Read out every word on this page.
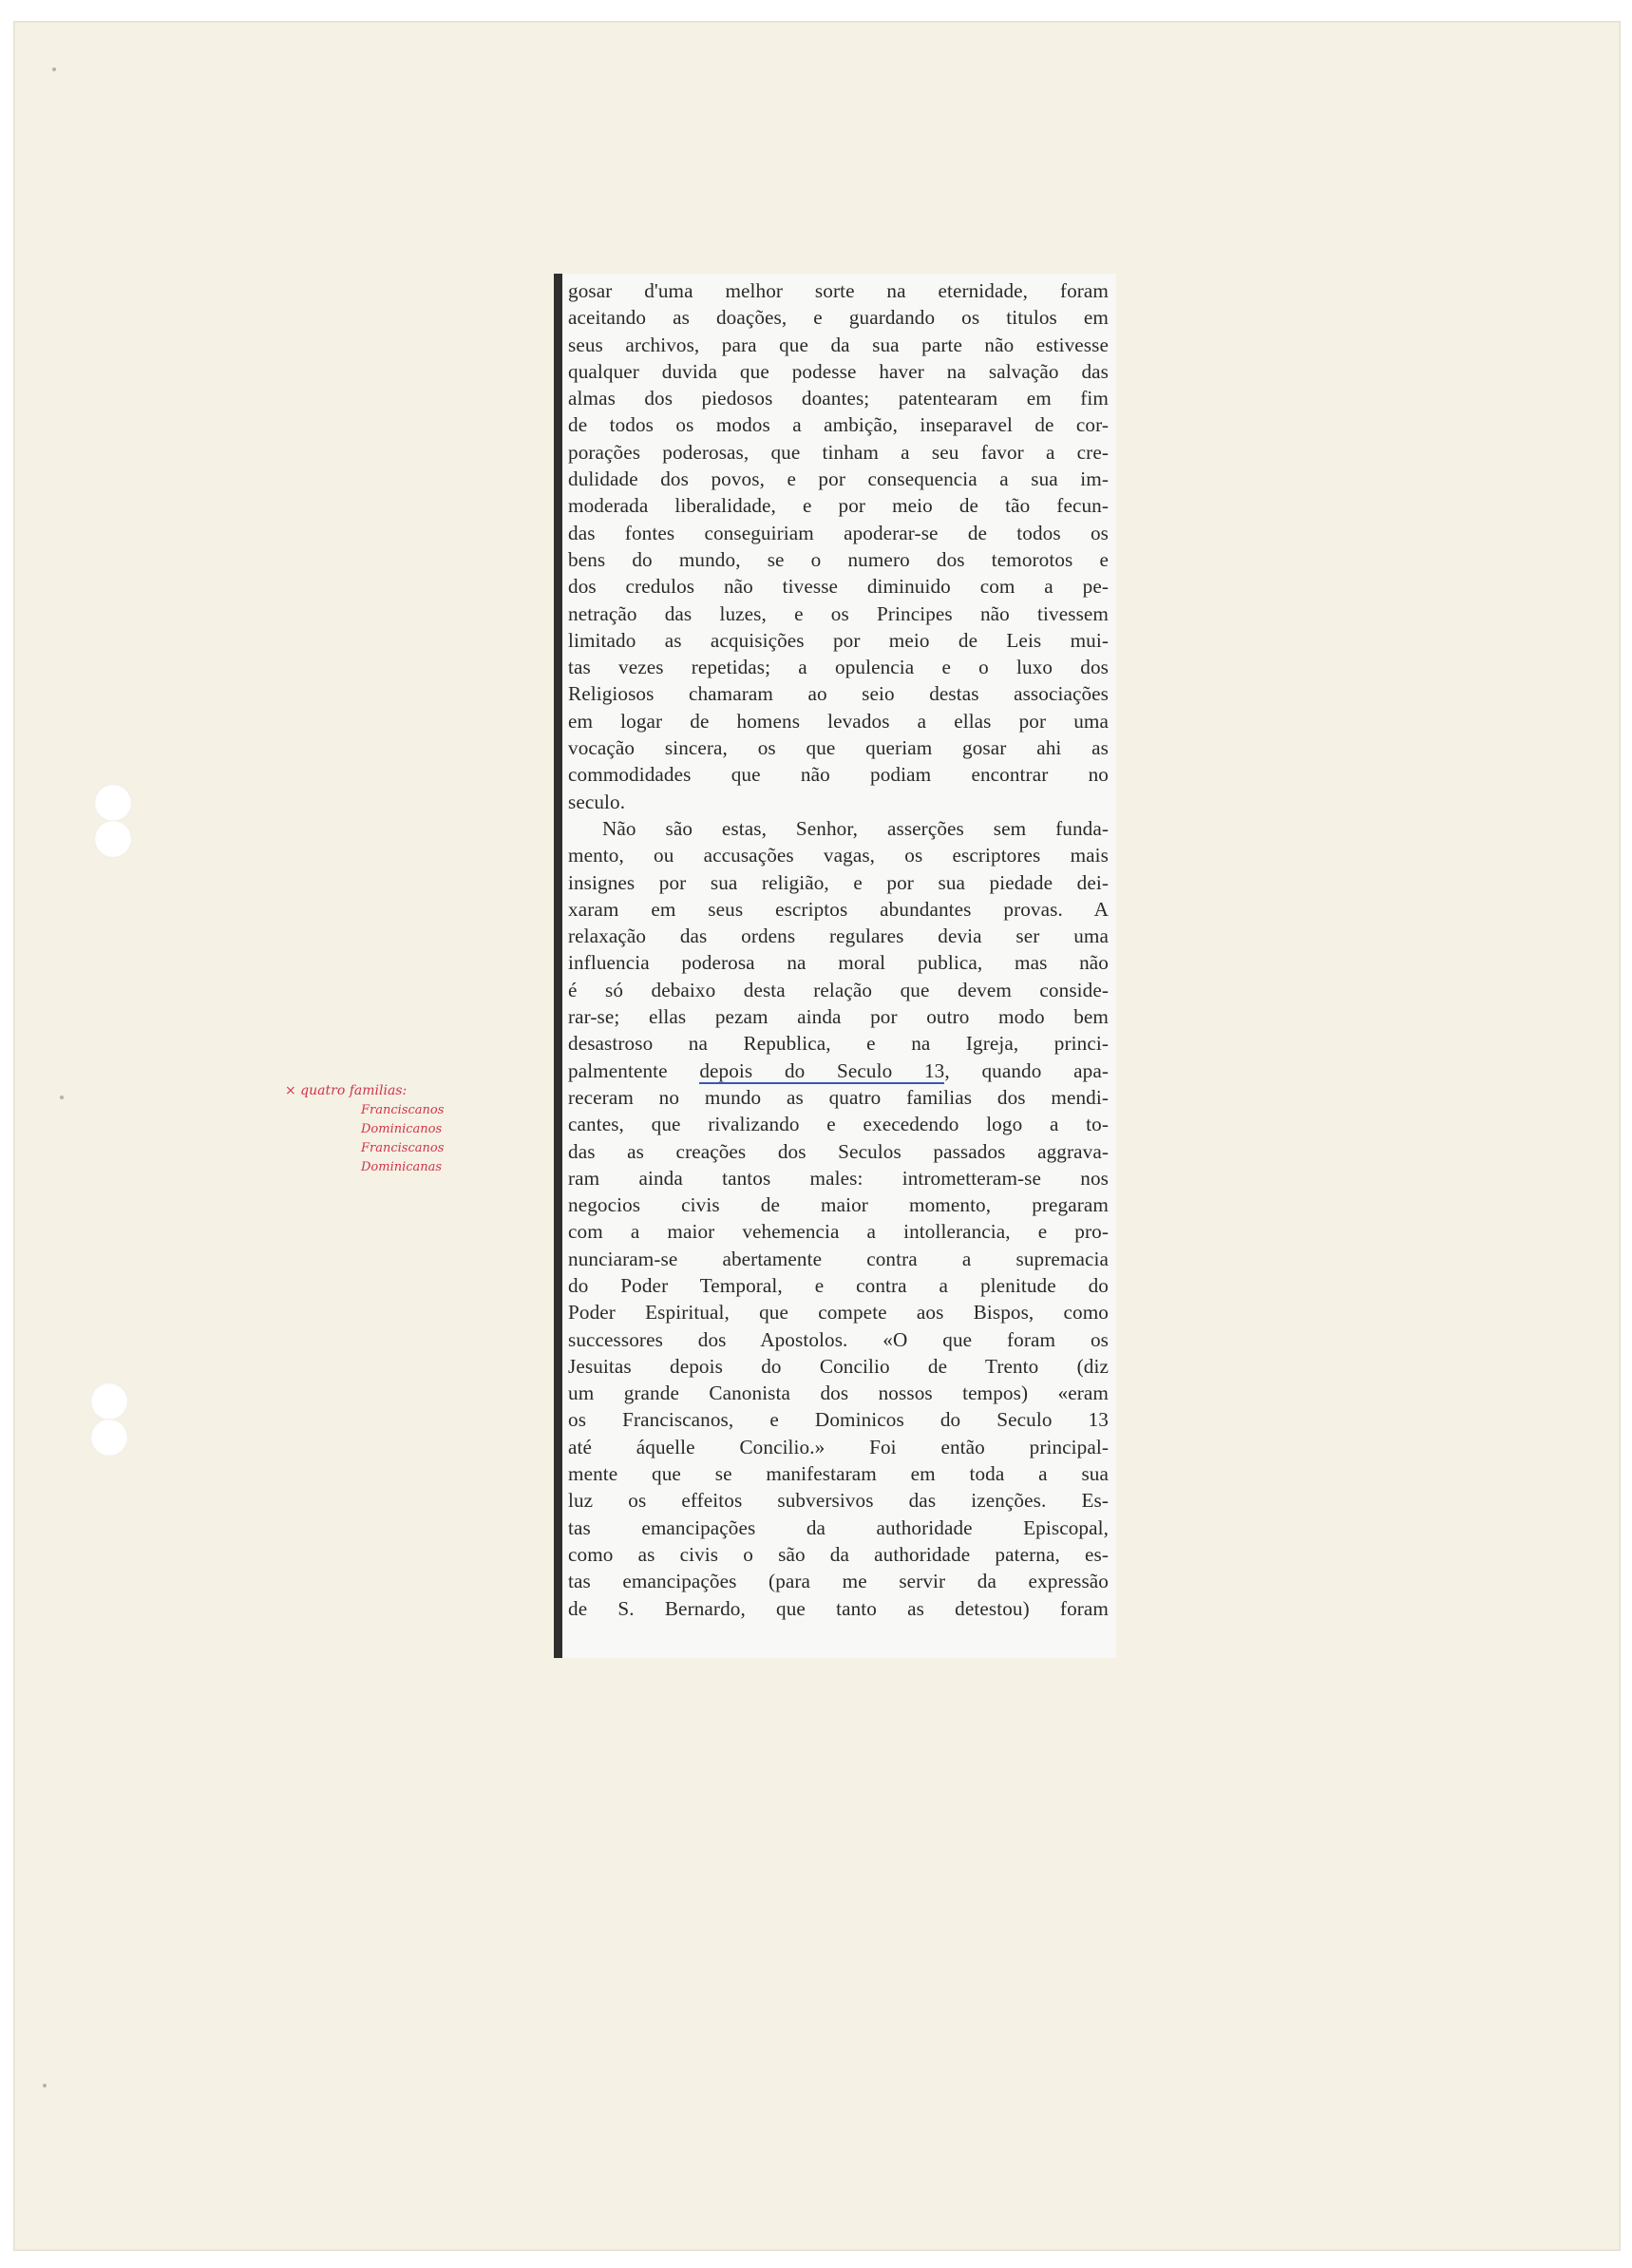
gosar d'uma melhor sorte na eternidade, foram
aceitando as doações, e guardando os titulos em
seus archivos, para que da sua parte não estivesse
qualquer duvida que podesse haver na salvação das
almas dos piedosos doantes; patentearam em fim
de todos os modos a ambição, inseparavel de cor-
porações poderosas, que tinham a seu favor a cre-
dulidade dos povos, e por consequencia a sua im-
moderada liberalidade, e por meio de tão fecun-
das fontes conseguiriam apoderar-se de todos os
bens do mundo, se o numero dos temorotos e
dos credulos não tivesse diminuido com a pe-
netração das luzes, e os Principes não tivessem
limitado as acquisições por meio de Leis mui-
tas vezes repetidas; a opulencia e o luxo dos
Religiosos chamaram ao seio destas associações
em logar de homens levados a ellas por uma
vocação sincera, os que queriam gosar ahi as
commodidades que não podiam encontrar no
seculo.
Não são estas, Senhor, asserções sem funda-
mento, ou accusações vagas, os escriptores mais
insignes por sua religião, e por sua piedade dei-
xaram em seus escriptos abundantes provas. A
relaxação das ordens regulares devia ser uma
influencia poderosa na moral publica, mas não
é só debaixo desta relação que devem conside-
rar-se; ellas pezam ainda por outro modo bem
desastroso na Republica, e na Igreja, princi-
palmentente depois do Seculo 13, quando apa-
receram no mundo as quatro familias dos mendi-
cantes, que rivalizando e execedendo logo a to-
das as creações dos Seculos passados aggrava-
ram ainda tantos males: intrometteram-se nos
negocios civis de maior momento, pregaram
com a maior vehemencia a intollerancia, e pro-
nunciaram-se abertamente contra a supremacia
do Poder Temporal, e contra a plenitude do
Poder Espiritual, que compete aos Bispos, como
successores dos Apostolos. «O que foram os
Jesuitas depois do Concilio de Trento (diz
um grande Canonista dos nossos tempos) «eram
os Franciscanos, e Dominicos do Seculo 13
até áquelle Concilio.» Foi então principal-
mente que se manifestaram em toda a sua
luz os effeitos subversivos das izenções. Es-
tas emancipações da authoridade Episcopal,
como as civis o são da authoridade paterna, es-
tas emancipações (para me servir da expressão
de S. Bernardo, que tanto as detestou) foram
× quatro familias:
Franciscanos
Dominicanos
Franciscanos
Dominicanas
